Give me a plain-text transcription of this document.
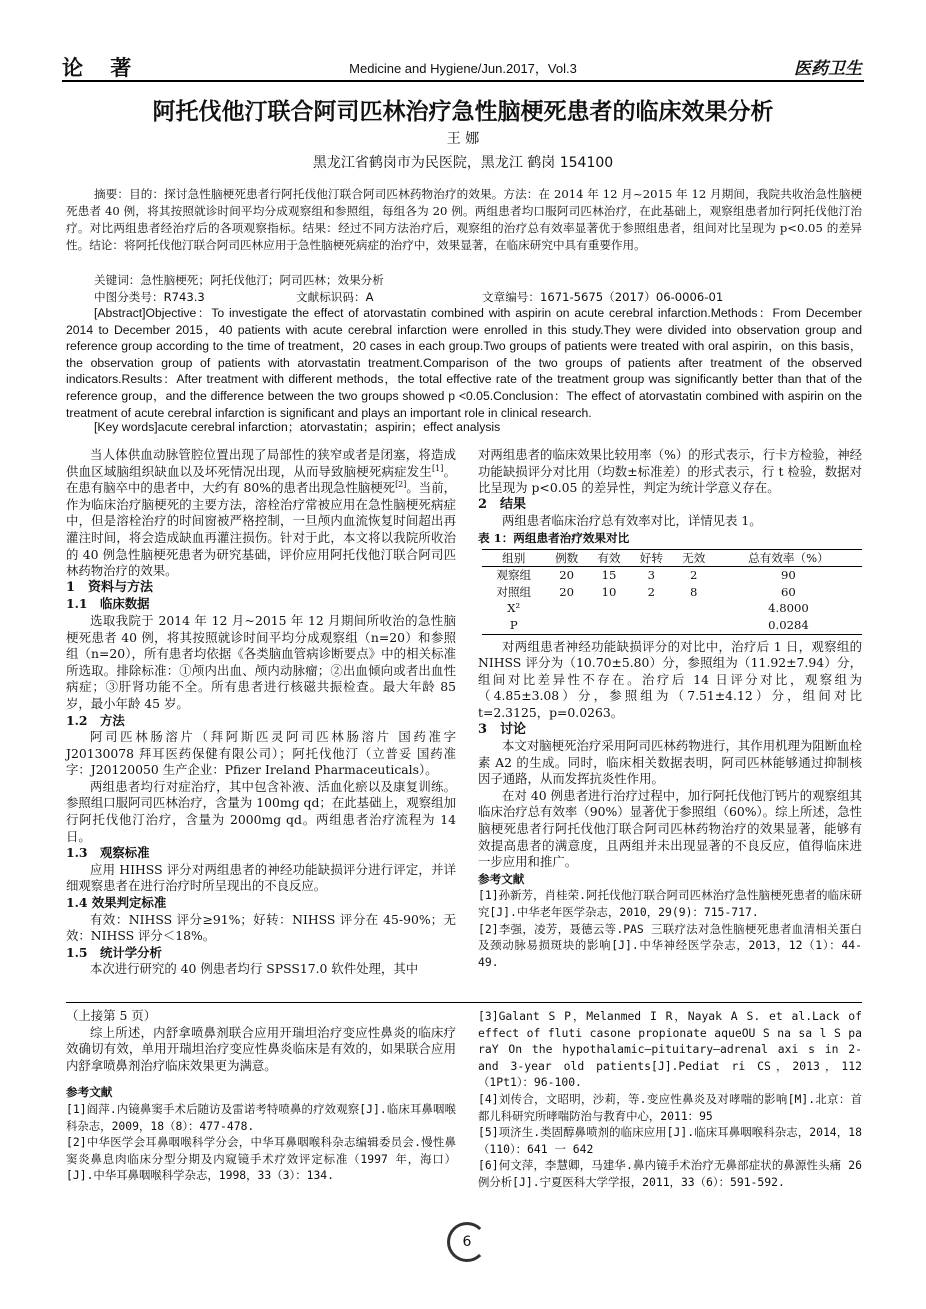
论 著	Medicine and Hygiene/Jun.2017，Vol.3	医药卫生
阿托伐他汀联合阿司匹林治疗急性脑梗死患者的临床效果分析
王 娜
黑龙江省鹤岗市为民医院，黑龙江 鹤岗 154100

摘要：目的：探讨急性脑梗死患者行阿托伐他汀联合阿司匹林药物治疗的效果。方法：在 2014 年 12 月~2015 年 12 月期间，我院共收治急性脑梗死患者 40 例，将其按照就诊时间平均分成观察组和参照组，每组各为 20 例。两组患者均口服阿司匹林治疗，在此基础上，观察组患者加行阿托伐他汀治疗。对比两组患者经治疗后的各项观察指标。结果：经过不同方法治疗后，观察组的治疗总有效率显著优于参照组患者，组间对比呈现为 p<0.05 的差异性。结论：将阿托伐他汀联合阿司匹林应用于急性脑梗死病症的治疗中，效果显著，在临床研究中具有重要作用。

关键词：急性脑梗死；阿托伐他汀；阿司匹林；效果分析

中图分类号：R743.3	文献标识码：A	文章编号：1671-5675（2017）06-0006-01

[Abstract]Objective：To investigate the effect of atorvastatin combined with aspirin on acute cerebral infarction.Methods：From December 2014 to December 2015，40 patients with acute cerebral infarction were enrolled in this study.They were divided into observation group and reference group according to the time of treatment，20 cases in each group.Two groups of patients were treated with oral aspirin，on this basis，the observation group of patients with atorvastatin treatment.Comparison of the two groups of patients after treatment of the observed indicators.Results：After treatment with different methods，the total effective rate of the treatment group was significantly better than that of the reference group，and the difference between the two groups showed p <0.05.Conclusion：The effect of atorvastatin combined with aspirin on the treatment of acute cerebral infarction is significant and plays an important role in clinical research.

[Key words]acute cerebral infarction；atorvastatin；aspirin；effect analysis

当人体供血动脉管腔位置出现了局部性的狭窄或者是闭塞，将造成供血区域脑组织缺血以及坏死情况出现，从而导致脑梗死病症发生[1]。在患有脑卒中的患者中，大约有 80%的患者出现急性脑梗死[2]。当前，作为临床治疗脑梗死的主要方法，溶栓治疗常被应用在急性脑梗死病症中，但是溶栓治疗的时间窗被严格控制，一旦颅内血流恢复时间超出再灌注时间，将会造成缺血再灌注损伤。针对于此，本文将以我院所收治的 40 例急性脑梗死患者为研究基础，评价应用阿托伐他汀联合阿司匹林药物治疗的效果。

1　资料与方法

1.1　临床数据

选取我院于 2014 年 12 月~2015 年 12 月期间所收治的急性脑梗死患者 40 例，将其按照就诊时间平均分成观察组（n=20）和参照组（n=20），所有患者均依据《各类脑血管病诊断要点》中的相关标准所选取。排除标准：①颅内出血、颅内动脉瘤；②出血倾向或者出血性病症；③肝肾功能不全。所有患者进行核磁共振检查。最大年龄 85 岁，最小年龄 45 岁。

1.2　方法

阿司匹林肠溶片（拜阿斯匹灵阿司匹林肠溶片 国药准字 J20130078 拜耳医药保健有限公司）；阿托伐他汀（立普妥 国药准字：J20120050 生产企业：Pfizer Ireland Pharmaceuticals）。

两组患者均行对症治疗，其中包含补液、活血化瘀以及康复训练。参照组口服阿司匹林治疗，含量为 100mg qd；在此基础上，观察组加行阿托伐他汀治疗，含量为 2000mg qd。两组患者治疗流程为 14 日。

1.3　观察标准

应用 HIHSS 评分对两组患者的神经功能缺损评分进行评定，并详细观察患者在进行治疗时所呈现出的不良反应。

1.4 效果判定标准

有效：NIHSS 评分≥91%；好转：NIHSS 评分在 45-90%；无效：NIHSS 评分＜18%。

1.5　统计学分析

本次进行研究的 40 例患者均行 SPSS17.0 软件处理，其中

对两组患者的临床效果比较用率（%）的形式表示，行卡方检验，神经功能缺损评分对比用（均数±标准差）的形式表示，行 t 检验，数据对比呈现为 p<0.05 的差异性，判定为统计学意义存在。

2　结果

两组患者临床治疗总有效率对比，详情见表 1。

表 1：两组患者治疗效果对比

组别	例数	有效	好转	无效	总有效率（%）
观察组	20	15	3	2	90
对照组	20	10	2	8	60
X²					4.8000
P					0.0284

对两组患者神经功能缺损评分的对比中，治疗后 1 日，观察组的 NIHSS 评分为（10.70±5.80）分，参照组为（11.92±7.94）分，组间对比差异性不存在。治疗后 14 日评分对比，观察组为（4.85±3.08）分，参照组为（7.51±4.12）分，组间对比 t=2.3125，p=0.0263。

3　讨论

本文对脑梗死治疗采用阿司匹林药物进行，其作用机理为阻断血栓素 A2 的生成。同时，临床相关数据表明，阿司匹林能够通过抑制核因子通路，从而发挥抗炎性作用。

在对 40 例患者进行治疗过程中，加行阿托伐他汀钙片的观察组其临床治疗总有效率（90%）显著优于参照组（60%）。综上所述，急性脑梗死患者行阿托伐他汀联合阿司匹林药物治疗的效果显著，能够有效提高患者的满意度，且两组并未出现显著的不良反应，值得临床进一步应用和推广。

参考文献

[1]孙新芳，肖桂荣.阿托伐他汀联合阿司匹林治疗急性脑梗死患者的临床研究[J].中华老年医学杂志，2010，29(9)：715-717.

[2]李强，凌芳，聂德云等.PAS 三联疗法对急性脑梗死患者血清相关蛋白及颈动脉易损斑块的影响[J].中华神经医学杂志，2013，12（1）：44-49.

（上接第 5 页）

综上所述，内舒拿喷鼻剂联合应用开瑞坦治疗变应性鼻炎的临床疗效确切有效，单用开瑞坦治疗变应性鼻炎临床是有效的，如果联合应用内舒拿喷鼻剂治疗临床效果更为满意。

参考文献

[1]阎萍.内镜鼻窦手术后随访及雷诺考特喷鼻的疗效观察[J].临床耳鼻咽喉科杂志，2009，18（8）：477-478.

[2]中华医学会耳鼻咽喉科学分会，中华耳鼻咽喉科杂志编辑委员会.慢性鼻窦炎鼻息肉临床分型分期及内窥镜手术疗效评定标准（1997 年，海口）[J].中华耳鼻咽喉科学杂志，1998，33（3）：134.

[3]Galant S P，Melanmed I R，Nayak A S. et al.Lack of effect of fluti casone propionate aqueOU S na sa l S pa raY On the hypothalamic—pituitary—adrenal axi s in 2- and 3-year old patients[J].Pediat ri CS，2013，112（1Pt1）：96-100.

[4]刘传合，文昭明，沙莉，等.变应性鼻炎及对哮喘的影响[M].北京：首都儿科研究所哮喘防治与教育中心，2011：95

[5]项济生.类固醇鼻喷剂的临床应用[J].临床耳鼻咽喉科杂志，2014，18（110）：641 一 642

[6]何文萍，李慧卿，马建华.鼻内镜手术治疗无鼻部症状的鼻源性头痛 26 例分析[J].宁夏医科大学学报，2011，33（6）：591-592.

6
